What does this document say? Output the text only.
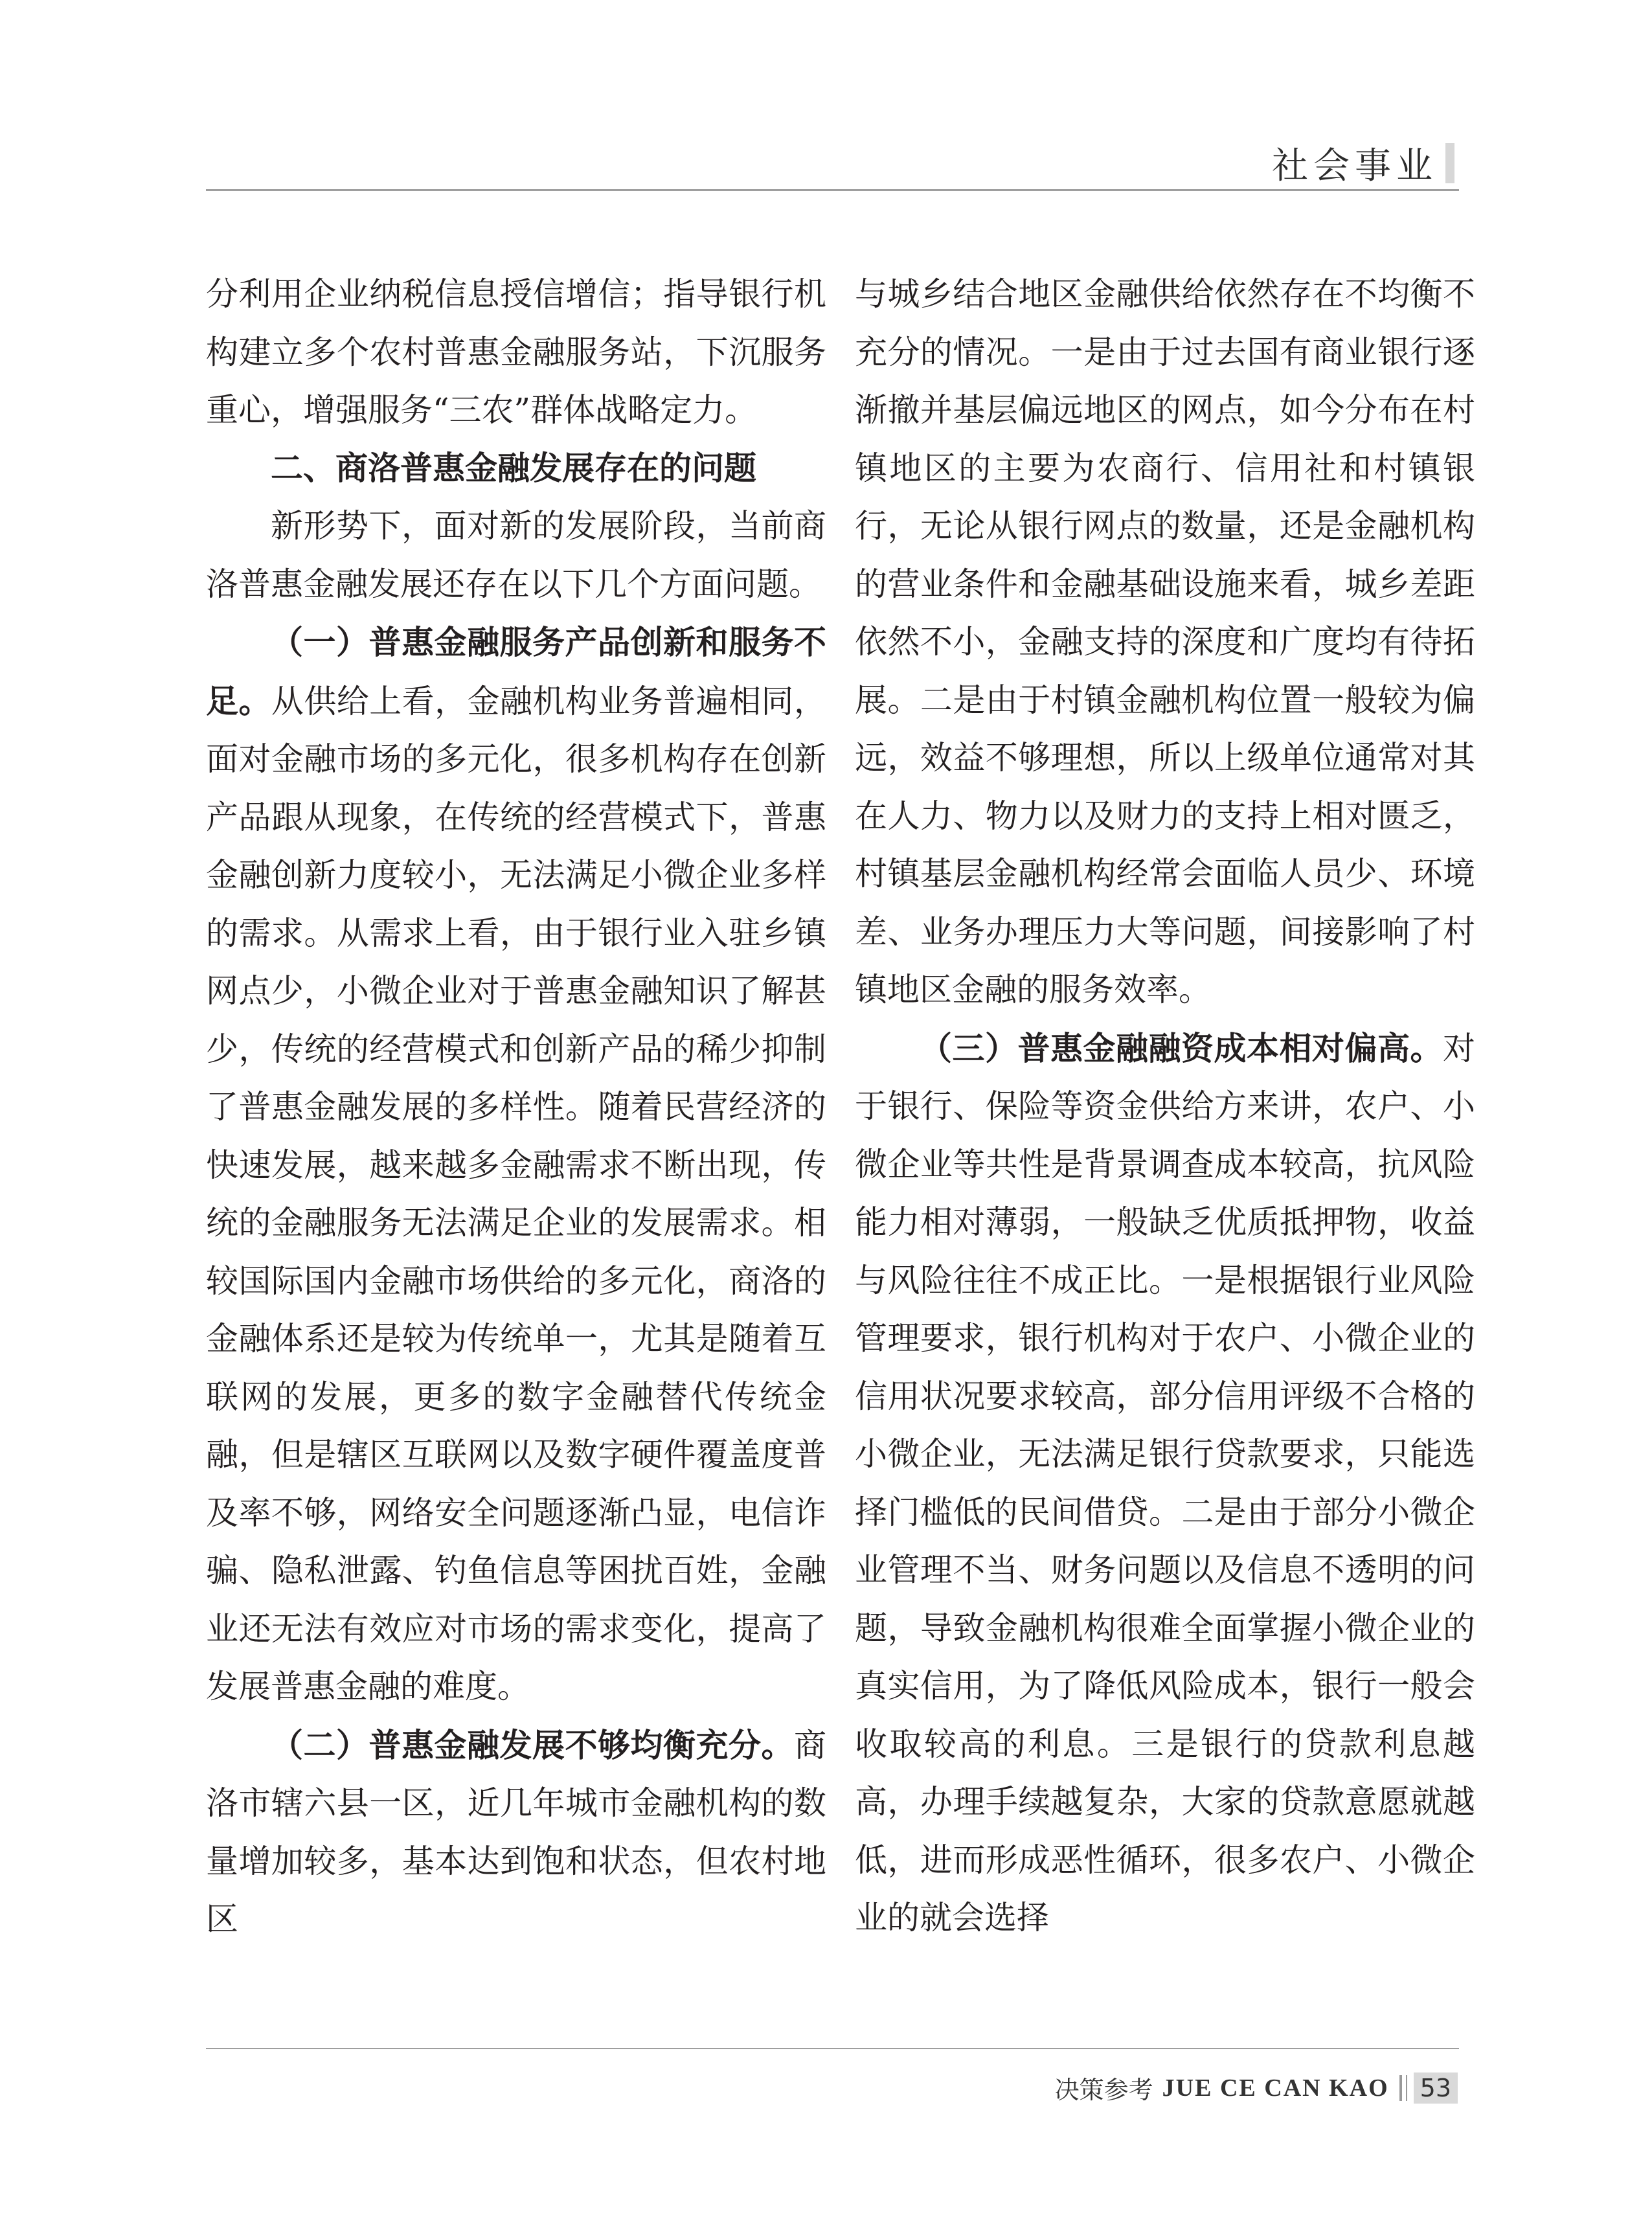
社会事业

分利用企业纳税信息授信增信；指导银行机构建立多个农村普惠金融服务站，下沉服务重心，增强服务“三农”群体战略定力。

二、商洛普惠金融发展存在的问题

新形势下，面对新的发展阶段，当前商洛普惠金融发展还存在以下几个方面问题。

（一）普惠金融服务产品创新和服务不足。从供给上看，金融机构业务普遍相同，面对金融市场的多元化，很多机构存在创新产品跟从现象，在传统的经营模式下，普惠金融创新力度较小，无法满足小微企业多样的需求。从需求上看，由于银行业入驻乡镇网点少，小微企业对于普惠金融知识了解甚少，传统的经营模式和创新产品的稀少抑制了普惠金融发展的多样性。随着民营经济的快速发展，越来越多金融需求不断出现，传统的金融服务无法满足企业的发展需求。相较国际国内金融市场供给的多元化，商洛的金融体系还是较为传统单一，尤其是随着互联网的发展，更多的数字金融替代传统金融，但是辖区互联网以及数字硬件覆盖度普及率不够，网络安全问题逐渐凸显，电信诈骗、隐私泄露、钓鱼信息等困扰百姓，金融业还无法有效应对市场的需求变化，提高了发展普惠金融的难度。

（二）普惠金融发展不够均衡充分。商洛市辖六县一区，近几年城市金融机构的数量增加较多，基本达到饱和状态，但农村地区

与城乡结合地区金融供给依然存在不均衡不充分的情况。一是由于过去国有商业银行逐渐撤并基层偏远地区的网点，如今分布在村镇地区的主要为农商行、信用社和村镇银行，无论从银行网点的数量，还是金融机构的营业条件和金融基础设施来看，城乡差距依然不小，金融支持的深度和广度均有待拓展。二是由于村镇金融机构位置一般较为偏远，效益不够理想，所以上级单位通常对其在人力、物力以及财力的支持上相对匮乏，村镇基层金融机构经常会面临人员少、环境差、业务办理压力大等问题，间接影响了村镇地区金融的服务效率。

（三）普惠金融融资成本相对偏高。对于银行、保险等资金供给方来讲，农户、小微企业等共性是背景调查成本较高，抗风险能力相对薄弱，一般缺乏优质抵押物，收益与风险往往不成正比。一是根据银行业风险管理要求，银行机构对于农户、小微企业的信用状况要求较高，部分信用评级不合格的小微企业，无法满足银行贷款要求，只能选择门槛低的民间借贷。二是由于部分小微企业管理不当、财务问题以及信息不透明的问题，导致金融机构很难全面掌握小微企业的真实信用，为了降低风险成本，银行一般会收取较高的利息。三是银行的贷款利息越高，办理手续越复杂，大家的贷款意愿就越低，进而形成恶性循环，很多农户、小微企业的就会选择

决策参考 JUE CE CAN KAO 53
